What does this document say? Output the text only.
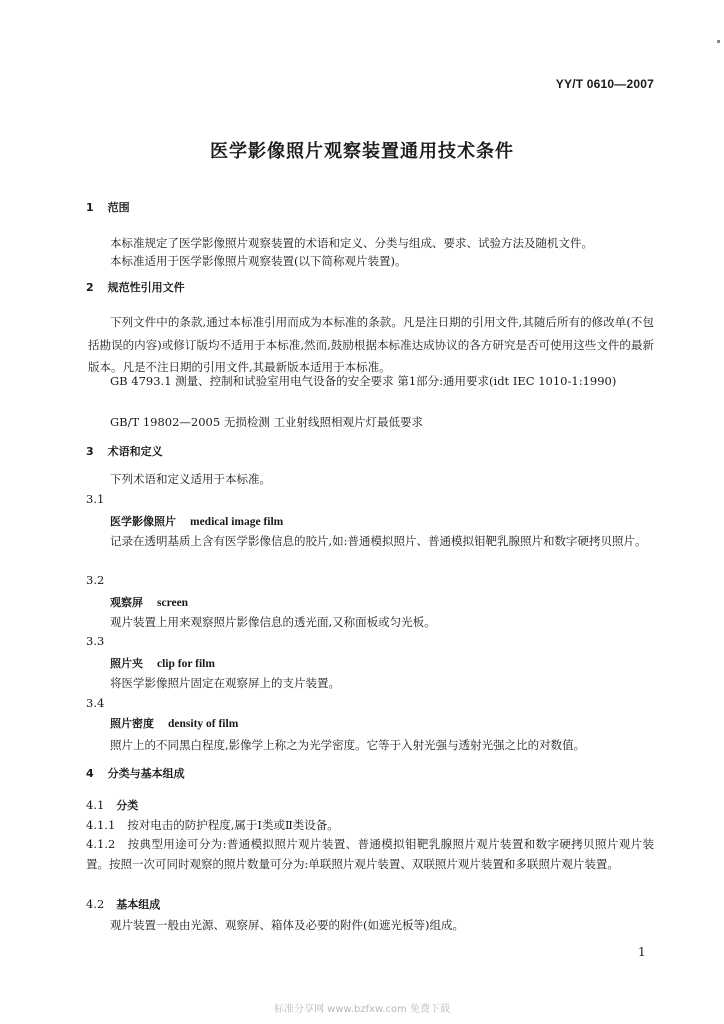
YY/T 0610—2007
医学影像照片观察装置通用技术条件
1 范围
本标准规定了医学影像照片观察装置的术语和定义、分类与组成、要求、试验方法及随机文件。
本标准适用于医学影像照片观察装置(以下简称观片装置)。
2 规范性引用文件
下列文件中的条款,通过本标准引用而成为本标准的条款。凡是注日期的引用文件,其随后所有的修改单(不包括勘误的内容)或修订版均不适用于本标准,然而,鼓励根据本标准达成协议的各方研究是否可使用这些文件的最新版本。凡是不注日期的引用文件,其最新版本适用于本标准。
GB 4793.1 测量、控制和试验室用电气设备的安全要求 第1部分:通用要求(idt IEC 1010-1:1990)
GB/T 19802—2005 无损检测 工业射线照相观片灯最低要求
3 术语和定义
下列术语和定义适用于本标准。
3.1
医学影像照片 medical image film
记录在透明基质上含有医学影像信息的胶片,如:普通模拟照片、普通模拟钼靶乳腺照片和数字硬拷贝照片。
3.2
观察屏 screen
观片装置上用来观察照片影像信息的透光面,又称面板或匀光板。
3.3
照片夹 clip for film
将医学影像照片固定在观察屏上的支片装置。
3.4
照片密度 density of film
照片上的不同黑白程度,影像学上称之为光学密度。它等于入射光强与透射光强之比的对数值。
4 分类与基本组成
4.1 分类
4.1.1 按对电击的防护程度,属于Ⅰ类或Ⅱ类设备。
4.1.2 按典型用途可分为:普通模拟照片观片装置、普通模拟钼靶乳腺照片观片装置和数字硬拷贝照片观片装置。按照一次可同时观察的照片数量可分为:单联照片观片装置、双联照片观片装置和多联照片观片装置。
4.2 基本组成
观片装置一般由光源、观察屏、箱体及必要的附件(如遮光板等)组成。
1
标准分享网 www.bzfxw.com 免费下载
